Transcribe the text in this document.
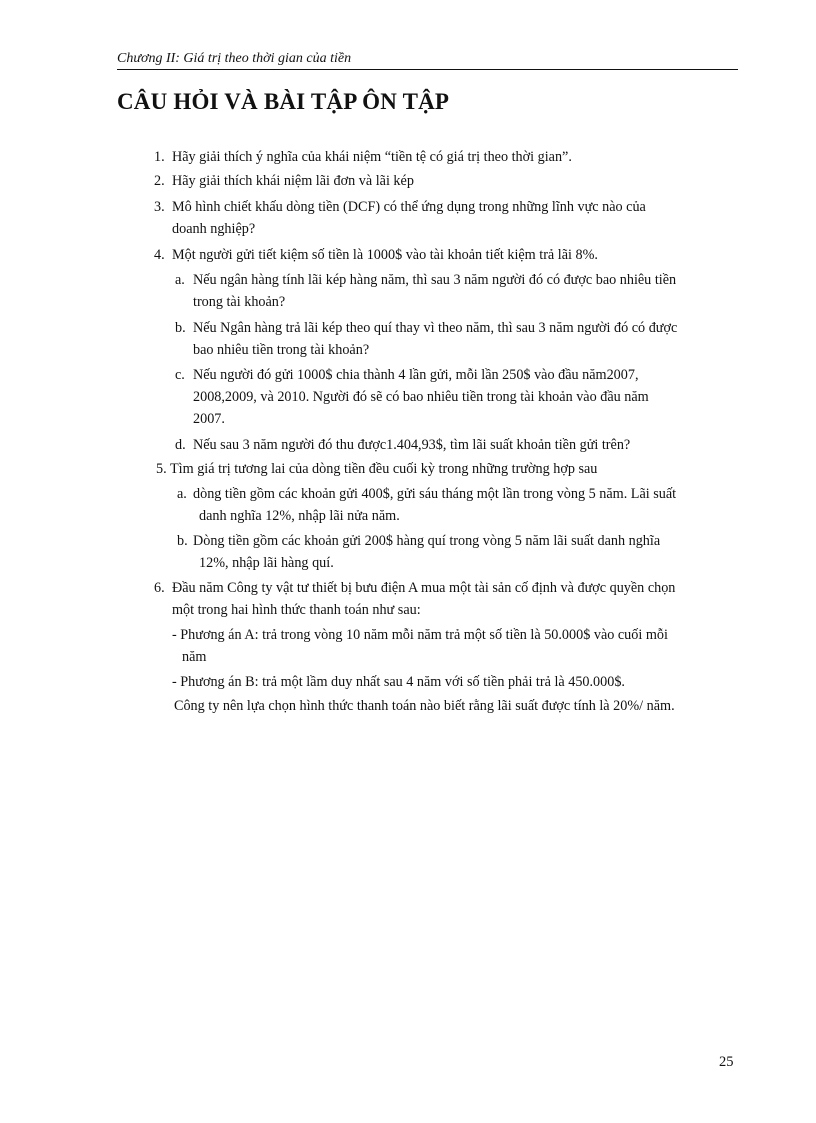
Chương II: Giá trị theo thời gian của tiền
CÂU HỎI VÀ BÀI TẬP ÔN TẬP
1. Hãy giải thích ý nghĩa của khái niệm “tiền tệ có giá trị theo thời gian”.
2. Hãy giải thích khái niệm lãi đơn và lãi kép
3. Mô hình chiết khấu dòng tiền (DCF) có thể ứng dụng trong những lĩnh vực nào của
doanh nghiệp?
4. Một người gửi tiết kiệm số tiền là 1000$ vào tài khoản tiết kiệm trả lãi 8%.
a. Nếu ngân hàng tính lãi kép hàng năm, thì sau 3 năm người đó có được bao nhiêu tiền
trong tài khoản?
b. Nếu Ngân hàng trả lãi kép theo quí thay vì theo năm, thì sau 3 năm người đó có được
bao nhiêu tiền trong tài khoản?
c. Nếu người đó gửi 1000$ chia thành 4 lần gửi, mỗi lần 250$ vào đầu năm2007,
2008,2009, và 2010. Người đó sẽ có bao nhiêu tiền trong tài khoản vào đầu năm
2007.
d. Nếu sau 3 năm người đó thu được1.404,93$, tìm lãi suất khoản tiền gửi trên?
5. Tìm giá trị tương lai của dòng tiền đều cuối kỳ trong những trường hợp sau
a. dòng tiền gồm các khoản gửi 400$, gửi sáu tháng một lần trong vòng 5 năm. Lãi suất
danh nghĩa 12%, nhập lãi nửa năm.
b. Dòng tiền gồm các khoản gửi 200$ hàng quí trong vòng 5 năm lãi suất danh nghĩa
12%, nhập lãi hàng quí.
6. Đầu năm Công ty vật tư thiết bị bưu điện A mua một tài sản cố định và được quyền chọn
một trong hai hình thức thanh toán như sau:
- Phương án A: trả trong vòng 10 năm mỗi năm trả một số tiền là 50.000$ vào cuối mỗi
năm
- Phương án B: trả một lầm duy nhất sau 4 năm với số tiền phải trả là 450.000$.
Công ty nên lựa chọn hình thức thanh toán nào biết rằng lãi suất được tính là 20%/ năm.
25
